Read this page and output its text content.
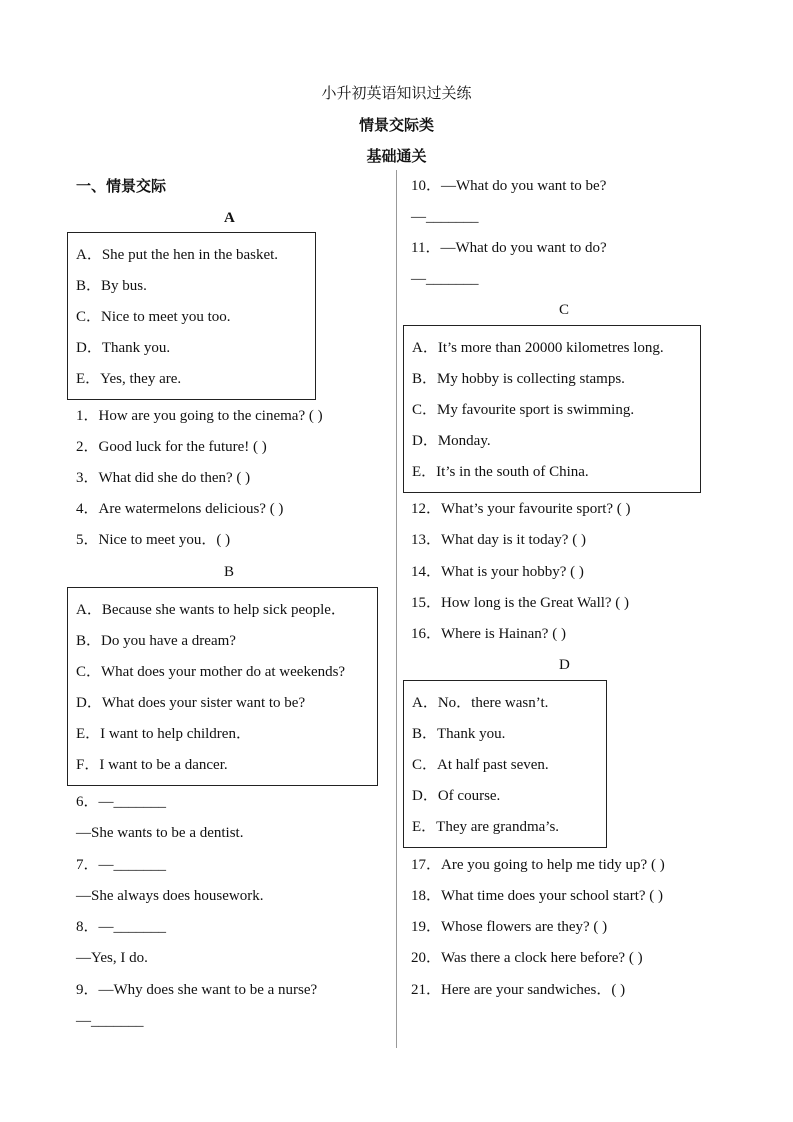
小升初英语知识过关练
情景交际类
基础通关
一、情景交际
A
A．She put the hen in the basket.
B．By bus.
C．Nice to meet you too.
D．Thank you.
E．Yes, they are.
1．How are you going to the cinema? ( )
2．Good luck for the future! ( )
3．What did she do then? ( )
4．Are watermelons delicious? ( )
5．Nice to meet you．( )
B
A．Because she wants to help sick people．
B．Do you have a dream?
C．What does your mother do at weekends?
D．What does your sister want to be?
E．I want to help children．
F．I want to be a dancer.
6．—_______
—She wants to be a dentist.
7．—_______
—She always does housework.
8．—_______
—Yes, I do.
9．—Why does she want to be a nurse?
—_______
10．—What do you want to be?
—_______
11．—What do you want to do?
—_______
C
A．It’s more than 20000 kilometres long.
B．My hobby is collecting stamps.
C．My favourite sport is swimming.
D．Monday.
E．It’s in the south of China.
12．What’s your favourite sport? ( )
13．What day is it today? ( )
14．What is your hobby? ( )
15．How long is the Great Wall? ( )
16．Where is Hainan? ( )
D
A．No．there wasn’t.
B．Thank you.
C．At half past seven.
D．Of course.
E．They are grandma’s.
17．Are you going to help me tidy up? ( )
18．What time does your school start? ( )
19．Whose flowers are they? ( )
20．Was there a clock here before? ( )
21．Here are your sandwiches．( )
